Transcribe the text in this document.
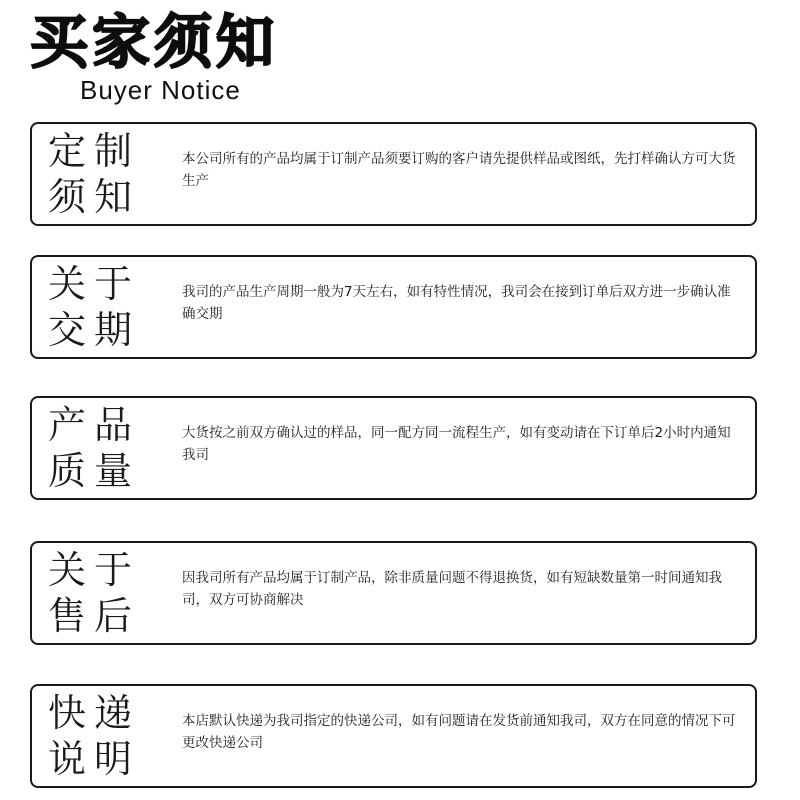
买家须知
Buyer Notice
定制
须知
本公司所有的产品均属于订制产品须要订购的客户请先提供样品或图纸，先打样确认方可大货生产
关于
交期
我司的产品生产周期一般为7天左右，如有特性情况，我司会在接到订单后双方进一步确认准确交期
产品
质量
大货按之前双方确认过的样品，同一配方同一流程生产，如有变动请在下订单后2小时内通知我司
关于
售后
因我司所有产品均属于订制产品，除非质量问题不得退换货，如有短缺数量第一时间通知我司，双方可协商解决
快递
说明
本店默认快递为我司指定的快递公司，如有问题请在发货前通知我司，双方在同意的情况下可更改快递公司
